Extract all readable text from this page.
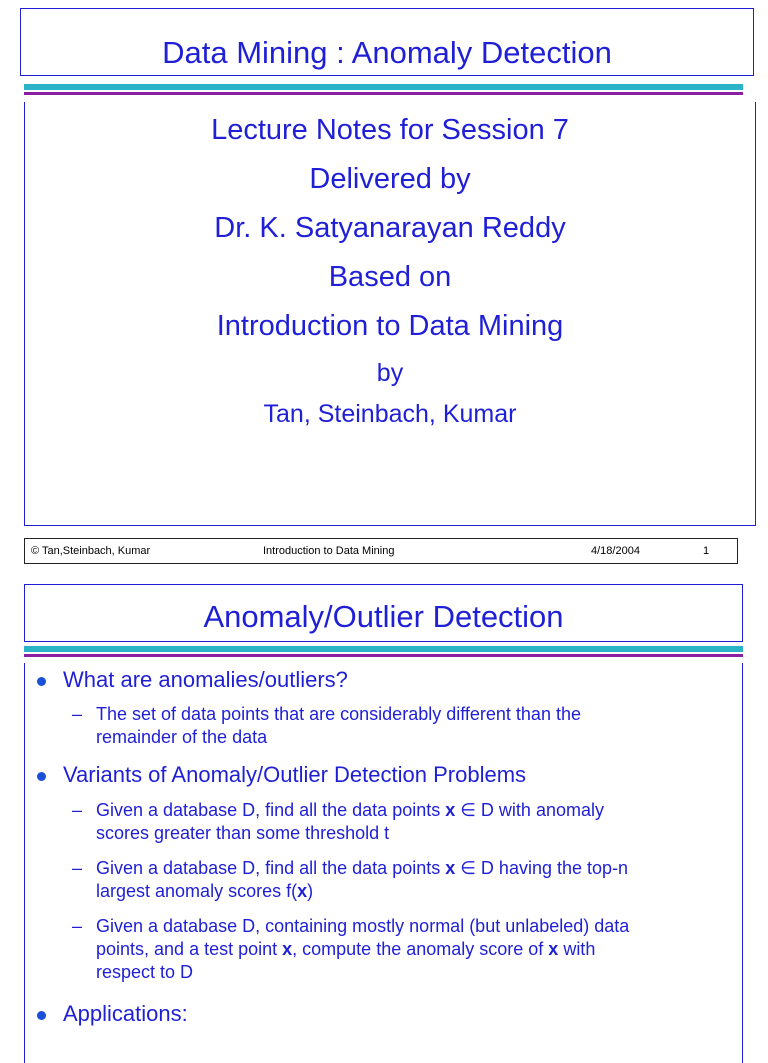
Data Mining : Anomaly Detection
Lecture Notes for Session 7
Delivered by
Dr. K. Satyanarayan Reddy
Based on
Introduction to Data Mining
by
Tan, Steinbach, Kumar
© Tan,Steinbach, Kumar	Introduction to Data Mining	4/18/2004	1
Anomaly/Outlier Detection
What are anomalies/outliers?
– The set of data points that are considerably different than the
remainder of the data
Variants of Anomaly/Outlier Detection Problems
– Given a database D, find all the data points x ∈ D with anomaly
scores greater than some threshold t
– Given a database D, find all the data points x ∈ D having the top-n
largest anomaly scores f(x)
– Given a database D, containing mostly normal (but unlabeled) data
points, and a test point x, compute the anomaly score of x with
respect to D
Applications:
